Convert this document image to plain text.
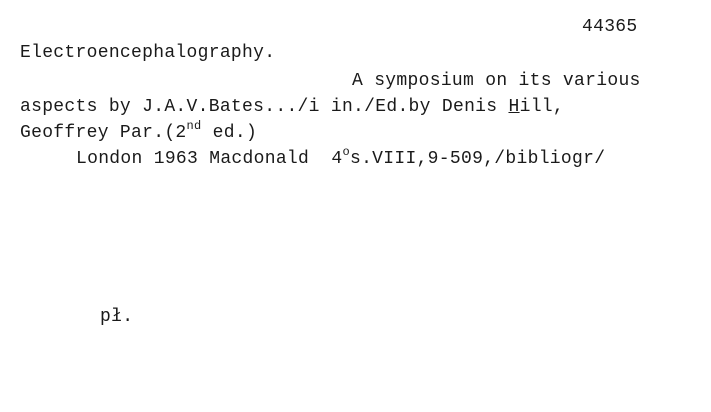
44365
Electroencephalography.
A symposium on its various
aspects by J.A.V.Bates.../i in./Ed.by Denis Hill,
Geoffrey Par.(2nd ed.)
London 1963 Macdonald  4$^o$s.VIII,9-509,/bibliogr/
pł.
